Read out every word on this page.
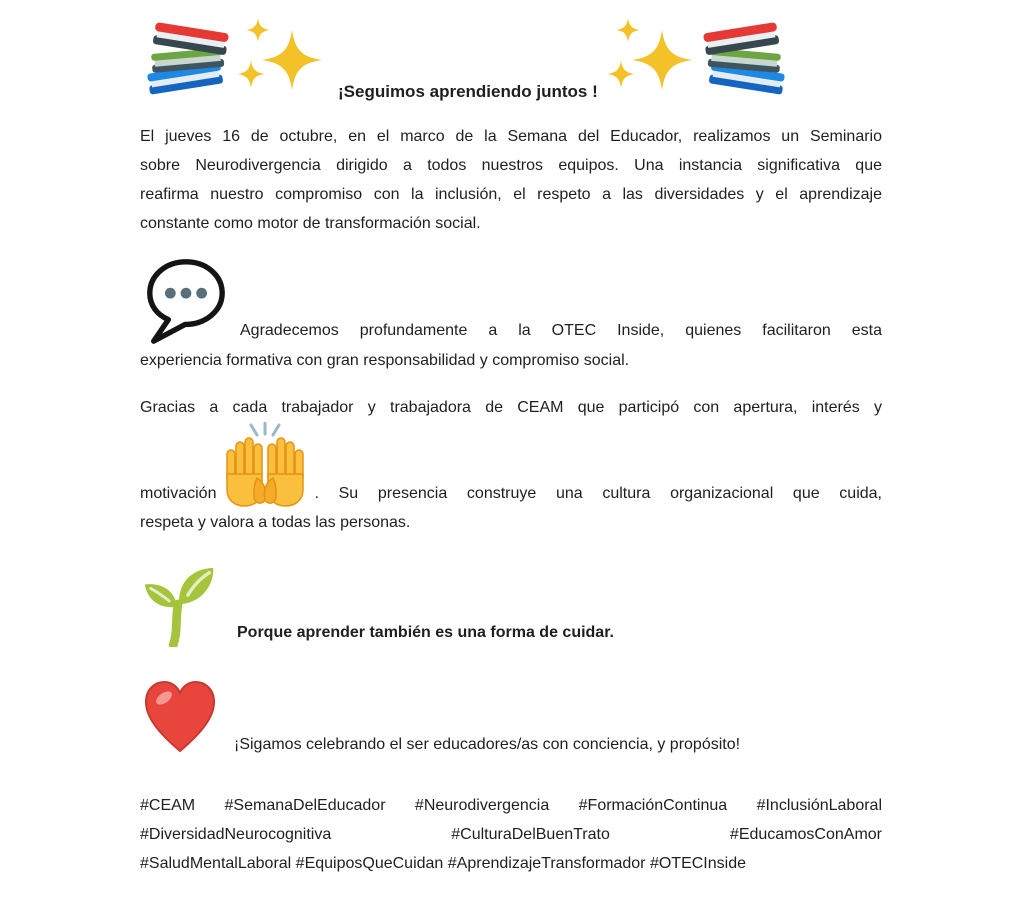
¡Seguimos aprendiendo juntos !
El jueves 16 de octubre, en el marco de la Semana del Educador, realizamos un Seminario
sobre Neurodivergencia dirigido a todos nuestros equipos. Una instancia significativa que
reafirma nuestro compromiso con la inclusión, el respeto a las diversidades y el aprendizaje
constante como motor de transformación social.
Agradecemos profundamente a la OTEC Inside, quienes facilitaron esta
experiencia formativa con gran responsabilidad y compromiso social.
Gracias a cada trabajador y trabajadora de CEAM que participó con apertura, interés y
motivación	. Su presencia construye una cultura organizacional que cuida,
respeta y valora a todas las personas.
Porque aprender también es una forma de cuidar.
¡Sigamos celebrando el ser educadores/as con conciencia, y propósito!
#CEAM #SemanaDelEducador #Neurodivergencia #FormaciónContinua #InclusiónLaboral
#DiversidadNeurocognitiva #CulturaDelBuenTrato #EducamosConAmor
#SaludMentalLaboral #EquiposQueCuidan #AprendizajeTransformador #OTECInside
